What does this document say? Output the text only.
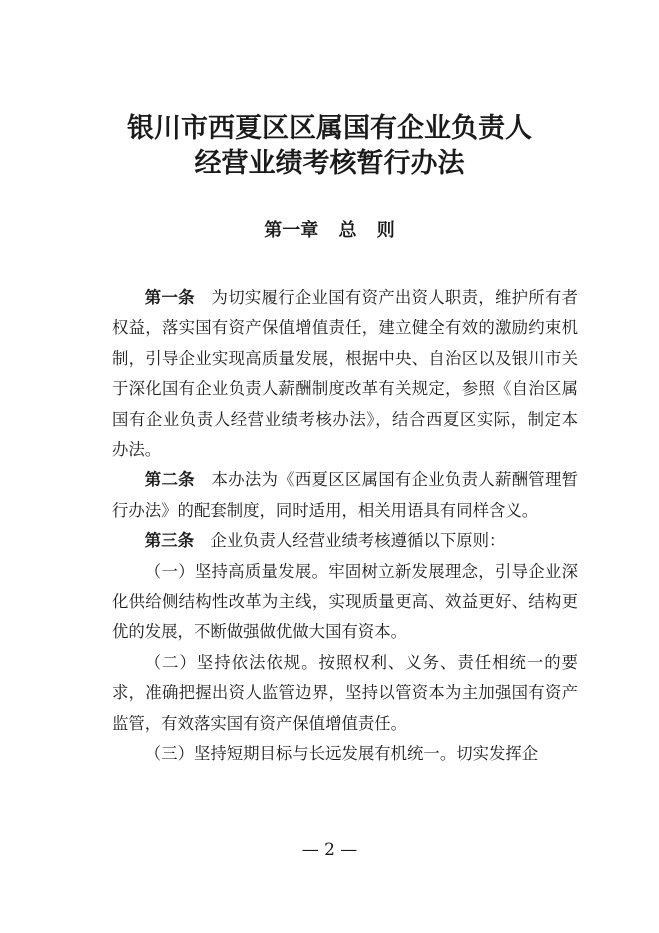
银川市西夏区区属国有企业负责人
经营业绩考核暂行办法
第一章 总 则

第一条　 为切实履行企业国有资产出资人职责，维护所有者权益，落实国有资产保值增值责任，建立健全有效的激励约束机制，引导企业实现高质量发展，根据中央、自治区以及银川市关于深化国有企业负责人薪酬制度改革有关规定，参照《自治区属国有企业负责人经营业绩考核办法》，结合西夏区实际，制定本办法。

第二条　 本办法为《西夏区区属国有企业负责人薪酬管理暂行办法》的配套制度，同时适用，相关用语具有同样含义。

第三条　 企业负责人经营业绩考核遵循以下原则：

（一）坚持高质量发展。牢固树立新发展理念，引导企业深化供给侧结构性改革为主线，实现质量更高、效益更好、结构更优的发展，不断做强做优做大国有资本。

（二）坚持依法依规。按照权利、义务、责任相统一的要求，准确把握出资人监管边界，坚持以管资本为主加强国有资产监管，有效落实国有资产保值增值责任。

（三）坚持短期目标与长远发展有机统一。切实发挥企

— 2 —
